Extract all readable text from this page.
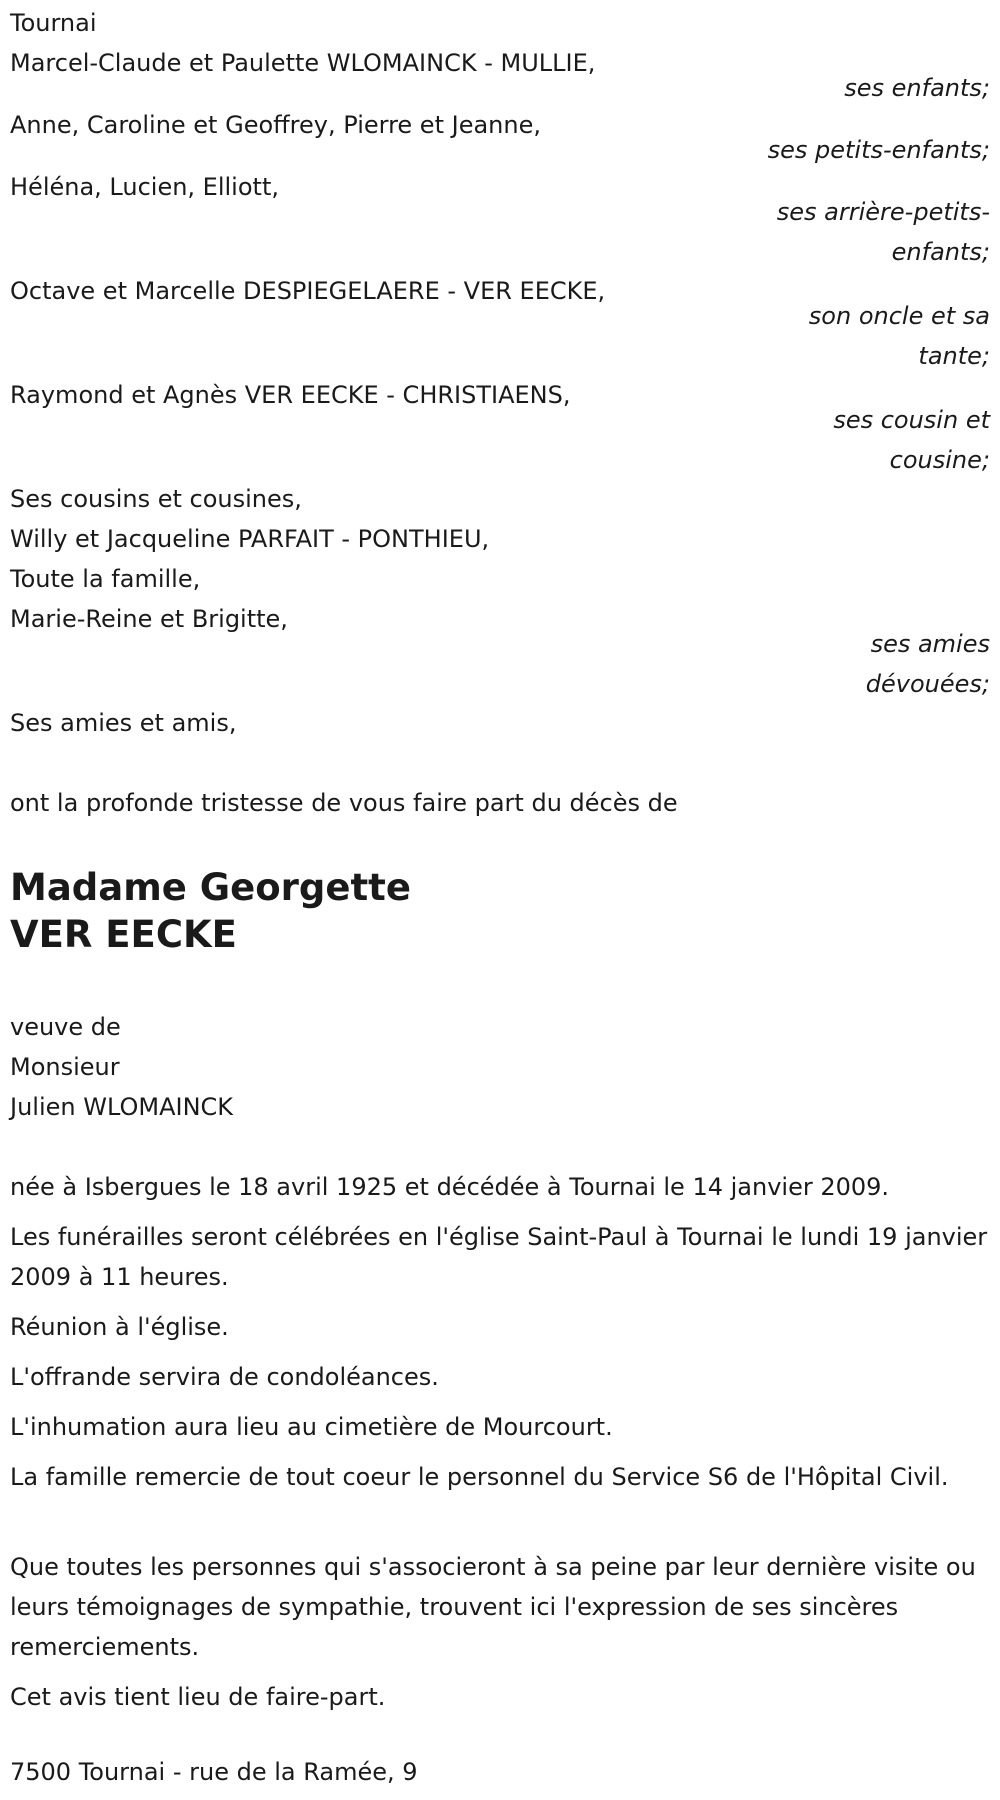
Tournai
Marcel-Claude et Paulette WLOMAINCK - MULLIE,
ses enfants;
Anne, Caroline et Geoffrey, Pierre et Jeanne,
ses petits-enfants;
Héléna, Lucien, Elliott,
ses arrière-petits-enfants;
Octave et Marcelle DESPIEGELAERE - VER EECKE,
son oncle et sa tante;
Raymond et Agnès VER EECKE - CHRISTIAENS,
ses cousin et cousine;
Ses cousins et cousines,
Willy et Jacqueline PARFAIT - PONTHIEU,
Toute la famille,
Marie-Reine et Brigitte,
ses amies dévouées;
Ses amies et amis,
ont la profonde tristesse de vous faire part du décès de
Madame Georgette
VER EECKE
veuve de
Monsieur
Julien WLOMAINCK
née à Isbergues le 18 avril 1925 et décédée à Tournai le 14 janvier 2009.
Les funérailles seront célébrées en l'église Saint-Paul à Tournai le lundi 19 janvier 2009 à 11 heures.
Réunion à l'église.
L'offrande servira de condoléances.
L'inhumation aura lieu au cimetière de Mourcourt.
La famille remercie de tout coeur le personnel du Service S6 de l'Hôpital Civil.
Que toutes les personnes qui s'associeront à sa peine par leur dernière visite ou leurs témoignages de sympathie, trouvent ici l'expression de ses sincères remerciements.
Cet avis tient lieu de faire-part.
7500 Tournai - rue de la Ramée, 9
